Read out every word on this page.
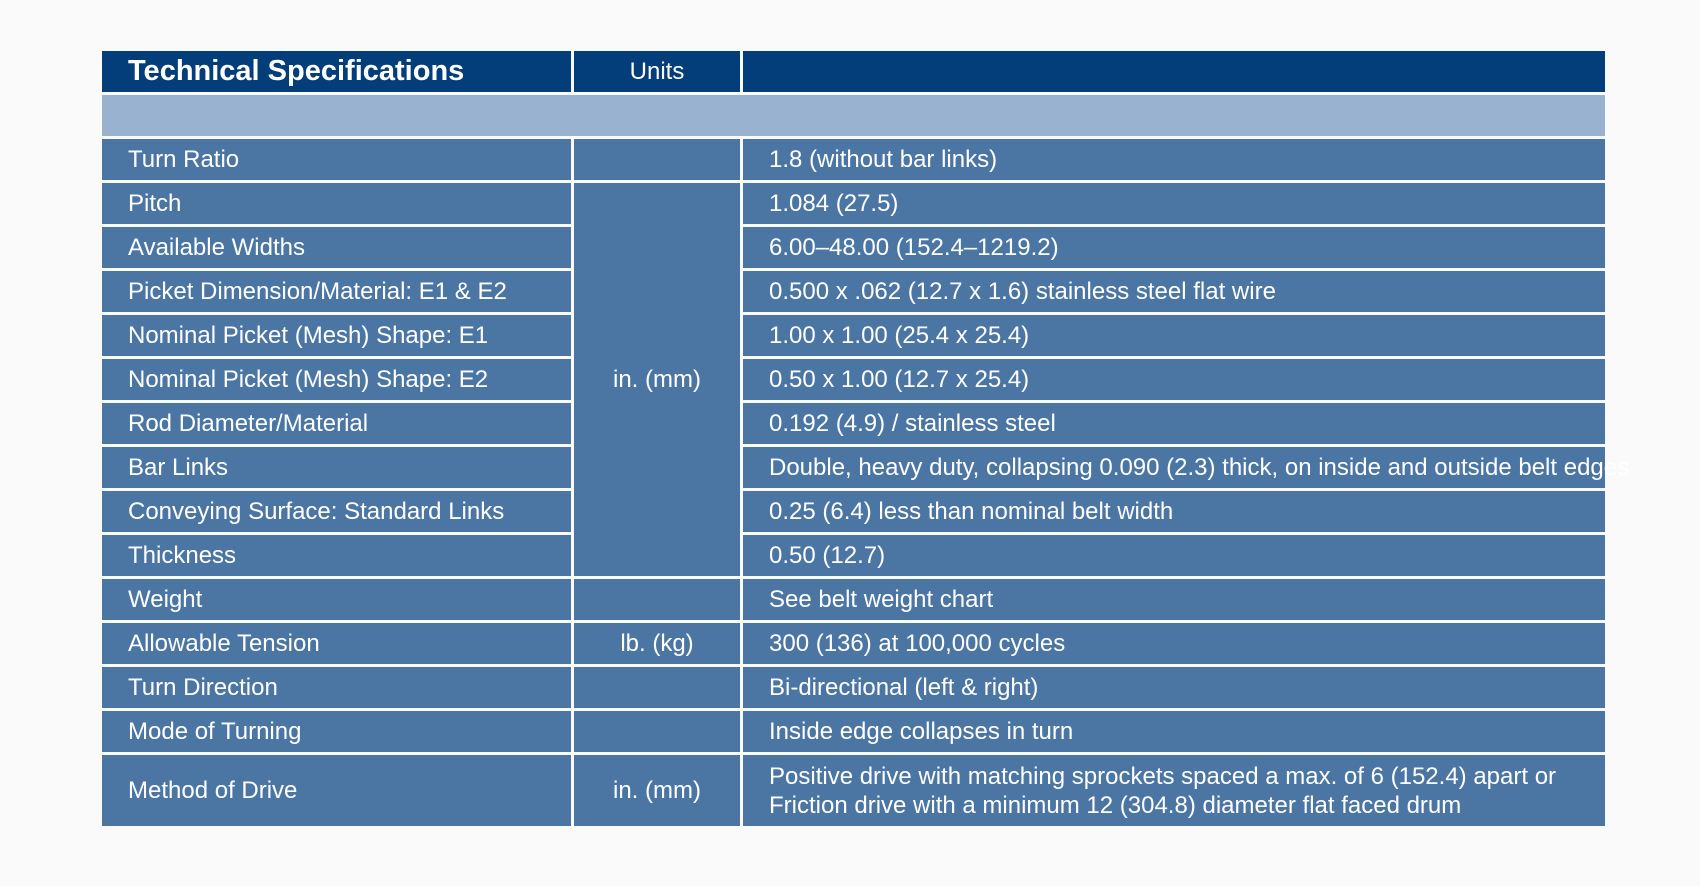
Technical Specifications	Units	

Turn Ratio		1.8 (without bar links)
Pitch	in. (mm)	1.084 (27.5)
Available Widths		6.00–48.00 (152.4–1219.2)
Picket Dimension/Material: E1 & E2		0.500 x .062 (12.7 x 1.6) stainless steel flat wire
Nominal Picket (Mesh) Shape: E1		1.00 x 1.00 (25.4 x 25.4)
Nominal Picket (Mesh) Shape: E2		0.50 x 1.00 (12.7 x 25.4)
Rod Diameter/Material		0.192 (4.9) / stainless steel
Bar Links		Double, heavy duty, collapsing 0.090 (2.3) thick, on inside and outside belt edges
Conveying Surface: Standard Links		0.25 (6.4) less than nominal belt width
Thickness		0.50 (12.7)
Weight		See belt weight chart
Allowable Tension	lb. (kg)	300 (136) at 100,000 cycles
Turn Direction		Bi-directional (left & right)
Mode of Turning		Inside edge collapses in turn
Method of Drive	in. (mm)	Positive drive with matching sprockets spaced a max. of 6 (152.4) apart or
Friction drive with a minimum 12 (304.8) diameter flat faced drum
